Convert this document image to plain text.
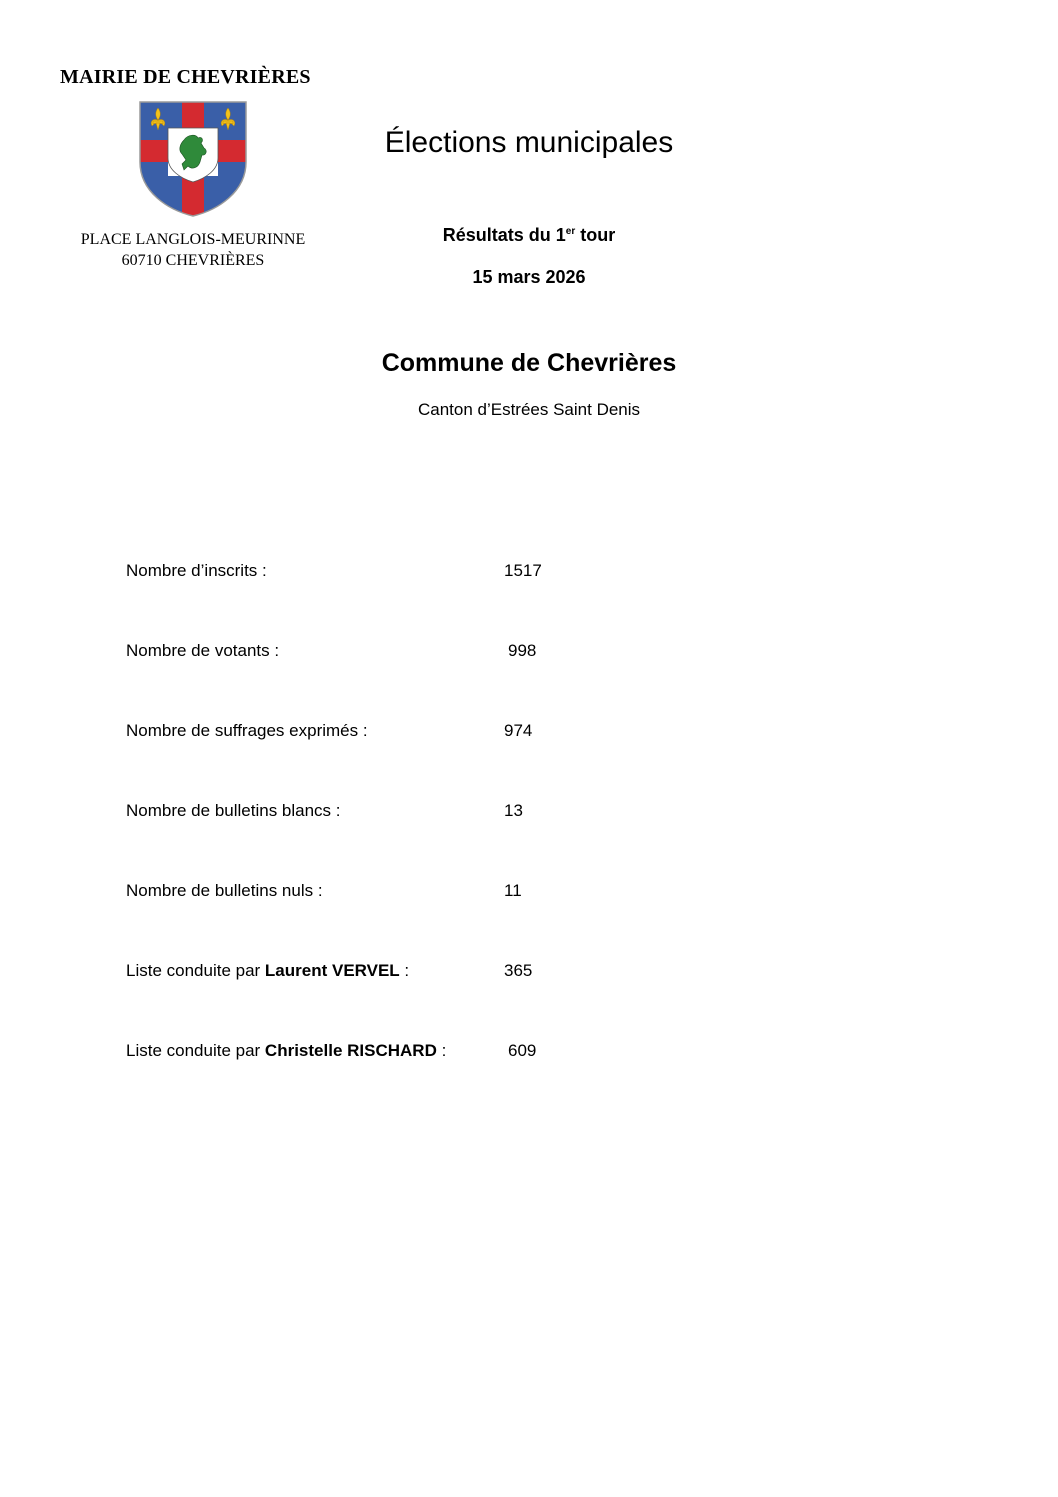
MAIRIE DE CHEVRIÈRES
PLACE LANGLOIS-MEURINNE
60710 CHEVRIÈRES
Élections municipales
Résultats du 1er tour
15 mars 2026
Commune de Chevrières
Canton d’Estrées Saint Denis
Nombre d’inscrits :	1517
Nombre de votants :	998
Nombre de suffrages exprimés :	974
Nombre de bulletins blancs :	13
Nombre de bulletins nuls :	11
Liste conduite par Laurent VERVEL :	365
Liste conduite par Christelle RISCHARD :	609
